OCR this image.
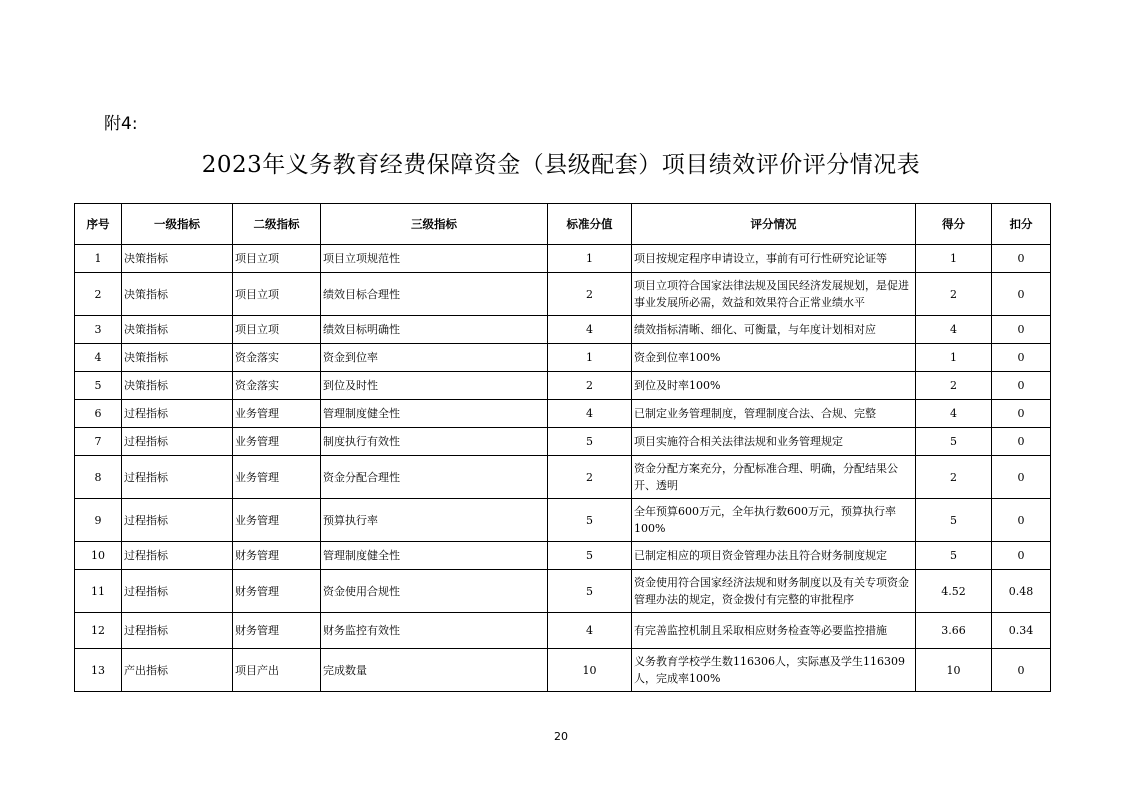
附4:
2023年义务教育经费保障资金（县级配套）项目绩效评价评分情况表
序号	一级指标	二级指标	三级指标	标准分值	评分情况	得分	扣分
1	决策指标	项目立项	项目立项规范性	1	项目按规定程序申请设立，事前有可行性研究论证等	1	0
2	决策指标	项目立项	绩效目标合理性	2	项目立项符合国家法律法规及国民经济发展规划，是促进事业发展所必需，效益和效果符合正常业绩水平	2	0
3	决策指标	项目立项	绩效目标明确性	4	绩效指标清晰、细化、可衡量，与年度计划相对应	4	0
4	决策指标	资金落实	资金到位率	1	资金到位率100%	1	0
5	决策指标	资金落实	到位及时性	2	到位及时率100%	2	0
6	过程指标	业务管理	管理制度健全性	4	已制定业务管理制度，管理制度合法、合规、完整	4	0
7	过程指标	业务管理	制度执行有效性	5	项目实施符合相关法律法规和业务管理规定	5	0
8	过程指标	业务管理	资金分配合理性	2	资金分配方案充分，分配标准合理、明确，分配结果公开、透明	2	0
9	过程指标	业务管理	预算执行率	5	全年预算600万元，全年执行数600万元，预算执行率100%	5	0
10	过程指标	财务管理	管理制度健全性	5	已制定相应的项目资金管理办法且符合财务制度规定	5	0
11	过程指标	财务管理	资金使用合规性	5	资金使用符合国家经济法规和财务制度以及有关专项资金管理办法的规定，资金拨付有完整的审批程序	4.52	0.48
12	过程指标	财务管理	财务监控有效性	4	有完善监控机制且采取相应财务检查等必要监控措施	3.66	0.34
13	产出指标	项目产出	完成数量	10	义务教育学校学生数116306人，实际惠及学生116309人，完成率100%	10	0
20
